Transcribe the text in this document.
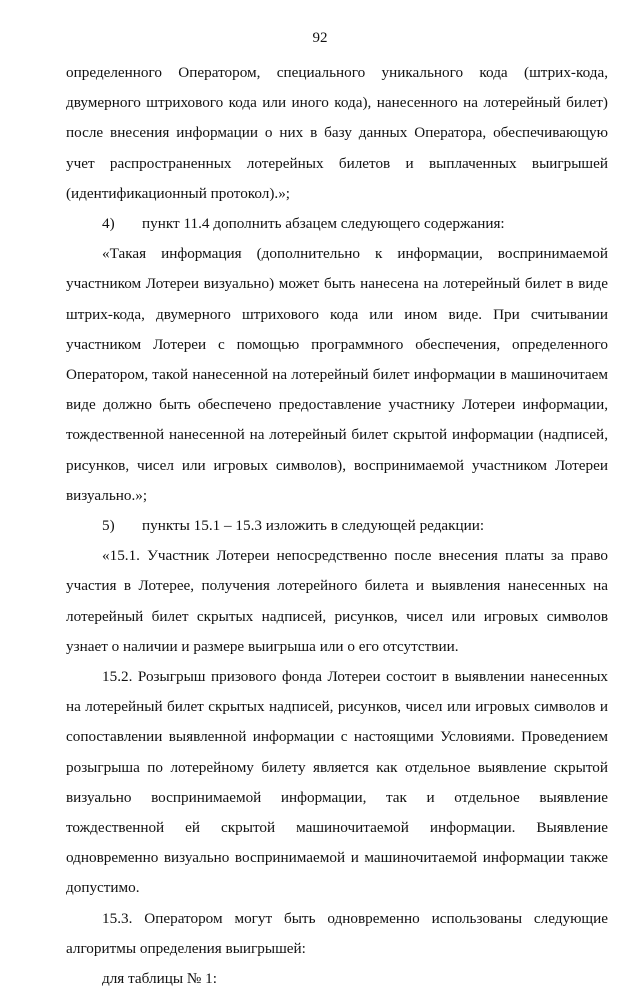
92

определенного Оператором, специального уникального кода (штрих-кода, двумерного штрихового кода или иного кода), нанесенного на лотерейный билет) после внесения информации о них в базу данных Оператора, обеспечивающую учет распространенных лотерейных билетов и выплаченных выигрышей (идентификационный протокол).»;

4) пункт 11.4 дополнить абзацем следующего содержания:

«Такая информация (дополнительно к информации, воспринимаемой участником Лотереи визуально) может быть нанесена на лотерейный билет в виде штрих-кода, двумерного штрихового кода или ином виде. При считывании участником Лотереи с помощью программного обеспечения, определенного Оператором, такой нанесенной на лотерейный билет информации в машиночитаем виде должно быть обеспечено предоставление участнику Лотереи информации, тождественной нанесенной на лотерейный билет скрытой информации (надписей, рисунков, чисел или игровых символов), воспринимаемой участником Лотереи визуально.»;

5) пункты 15.1 – 15.3 изложить в следующей редакции:

«15.1. Участник Лотереи непосредственно после внесения платы за право участия в Лотерее, получения лотерейного билета и выявления нанесенных на лотерейный билет скрытых надписей, рисунков, чисел или игровых символов узнает о наличии и размере выигрыша или о его отсутствии.

15.2. Розыгрыш призового фонда Лотереи состоит в выявлении нанесенных на лотерейный билет скрытых надписей, рисунков, чисел или игровых символов и сопоставлении выявленной информации с настоящими Условиями. Проведением розыгрыша по лотерейному билету является как отдельное выявление скрытой визуально воспринимаемой информации, так и отдельное выявление тождественной ей скрытой машиночитаемой информации. Выявление одновременно визуально воспринимаемой и машиночитаемой информации также допустимо.

15.3. Оператором могут быть одновременно использованы следующие алгоритмы определения выигрышей:

для таблицы № 1:
